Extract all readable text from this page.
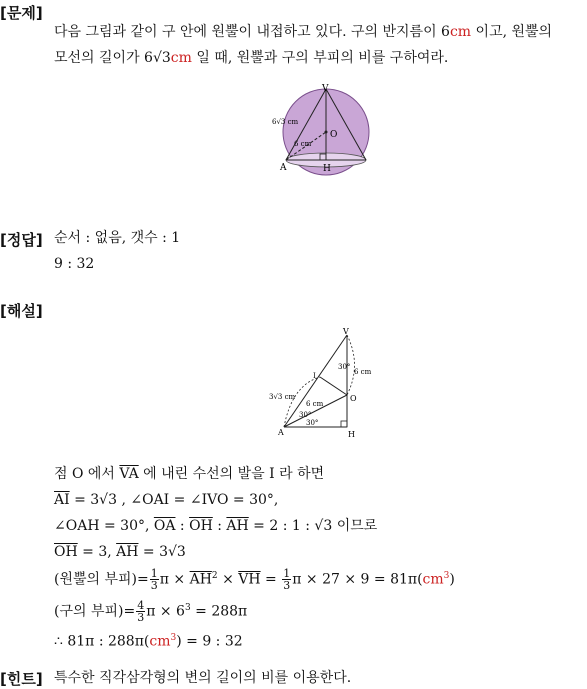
[문제]
다음 그림과 같이 구 안에 원뿔이 내접하고 있다. 구의 반지름이 6cm 이고, 원뿔의
모선의 길이가 6√3cm 일 때, 원뿔과 구의 부피의 비를 구하여라.
V
O
A	H
6√3 cm
6 cm
[정답] 순서 : 없음, 갯수 : 1
9 : 32
[해설]
V
O
A	H
I
3√3 cm
6 cm
6 cm
30°
30°
30°
점 O 에서 $\overline{VA}$ 에 내린 수선의 발을 I 라 하면
$\overline{AI} = 3√3$ , ∠OAI = ∠IVO = 30°,
∠OAH = 30°, $\overline{OA}$ : $\overline{OH}$ : $\overline{AH} = 2$ : 1 : √3 이므로
$\overline{OH} = 3$, $\overline{AH} = 3√3$
(원뿔의 부피)= $\frac{1}{3}$ $\pi \times \overline{AH}^2 \times \overline{VH} = \frac{1}{3}$ $\pi \times 27 \times 9 = 81\pi(cm^3)$
(구의 부피)= $\frac{4}{3}$ $\pi \times 6^3 = 288\pi$
∴ 81π : $288\pi(cm^3) = 9$ : 32
[힌트] 특수한 직각삼각형의 변의 길이의 비를 이용한다.
